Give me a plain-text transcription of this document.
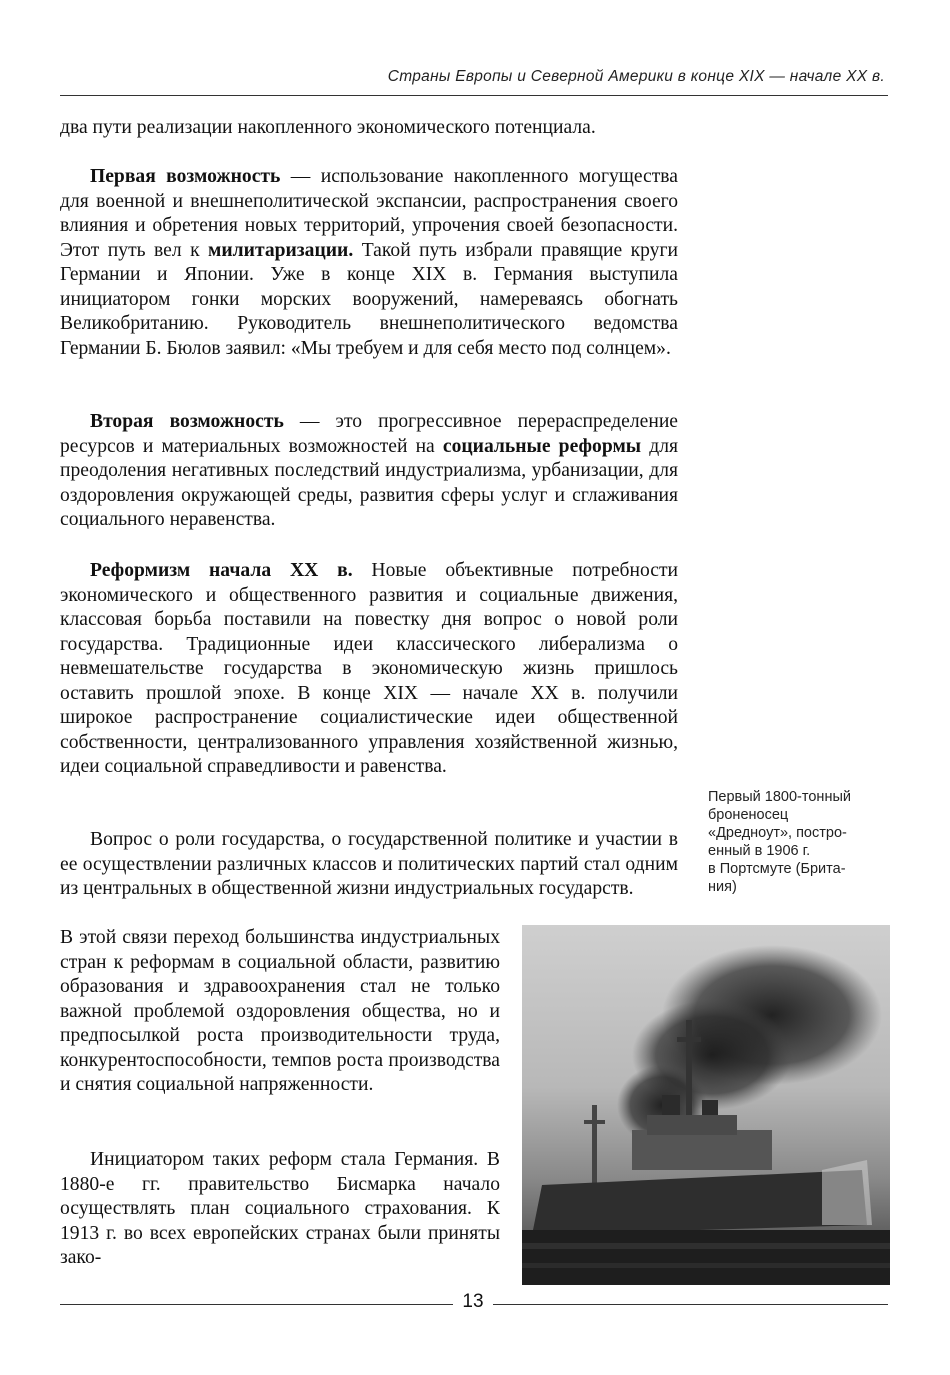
Страны Европы и Северной Америки в конце XIX — начале XX в.

два пути реализации накопленного экономического потенциала.

Первая возможность — использование накопленного могущества для военной и внешнеполитической экспансии, распространения своего влияния и обретения новых территорий, упрочения своей безопасности. Этот путь вел к милитаризации. Такой путь избрали правящие круги Германии и Японии. Уже в конце XIX в. Германия выступила инициатором гонки морских вооружений, намереваясь обогнать Великобританию. Руководитель внешнеполитического ведомства Германии Б. Бюлов заявил: «Мы требуем и для себя место под солнцем».

Вторая возможность — это прогрессивное перераспределение ресурсов и материальных возможностей на социальные реформы для преодоления негативных последствий индустриализма, урбанизации, для оздоровления окружающей среды, развития сферы услуг и сглаживания социального неравенства.

Реформизм начала XX в. Новые объективные потребности экономического и общественного развития и социальные движения, классовая борьба поставили на повестку дня вопрос о новой роли государства. Традиционные идеи классического либерализма о невмешательстве государства в экономическую жизнь пришлось оставить прошлой эпохе. В конце XIX — начале XX в. получили широкое распространение социалистические идеи общественной собственности, централизованного управления хозяйственной жизнью, идеи социальной справедливости и равенства.

Вопрос о роли государства, о государственной политике и участии в ее осуществлении различных классов и политических партий стал одним из центральных в общественной жизни индустриальных государств.

В этой связи переход большинства индустриальных стран к реформам в социальной области, развитию образования и здравоохранения стал не только важной проблемой оздоровления общества, но и предпосылкой роста производительности труда, конкурентоспособности, темпов роста производства и снятия социальной напряженности.

Инициатором таких реформ стала Германия. В 1880-е гг. правительство Бисмарка начало осуществлять план социального страхования. К 1913 г. во всех европейских странах были приняты зако-

Первый 1800-тонный
броненосец
«Дредноут», постро-
енный в 1906 г.
в Портсмуте (Брита-
ния)
13
